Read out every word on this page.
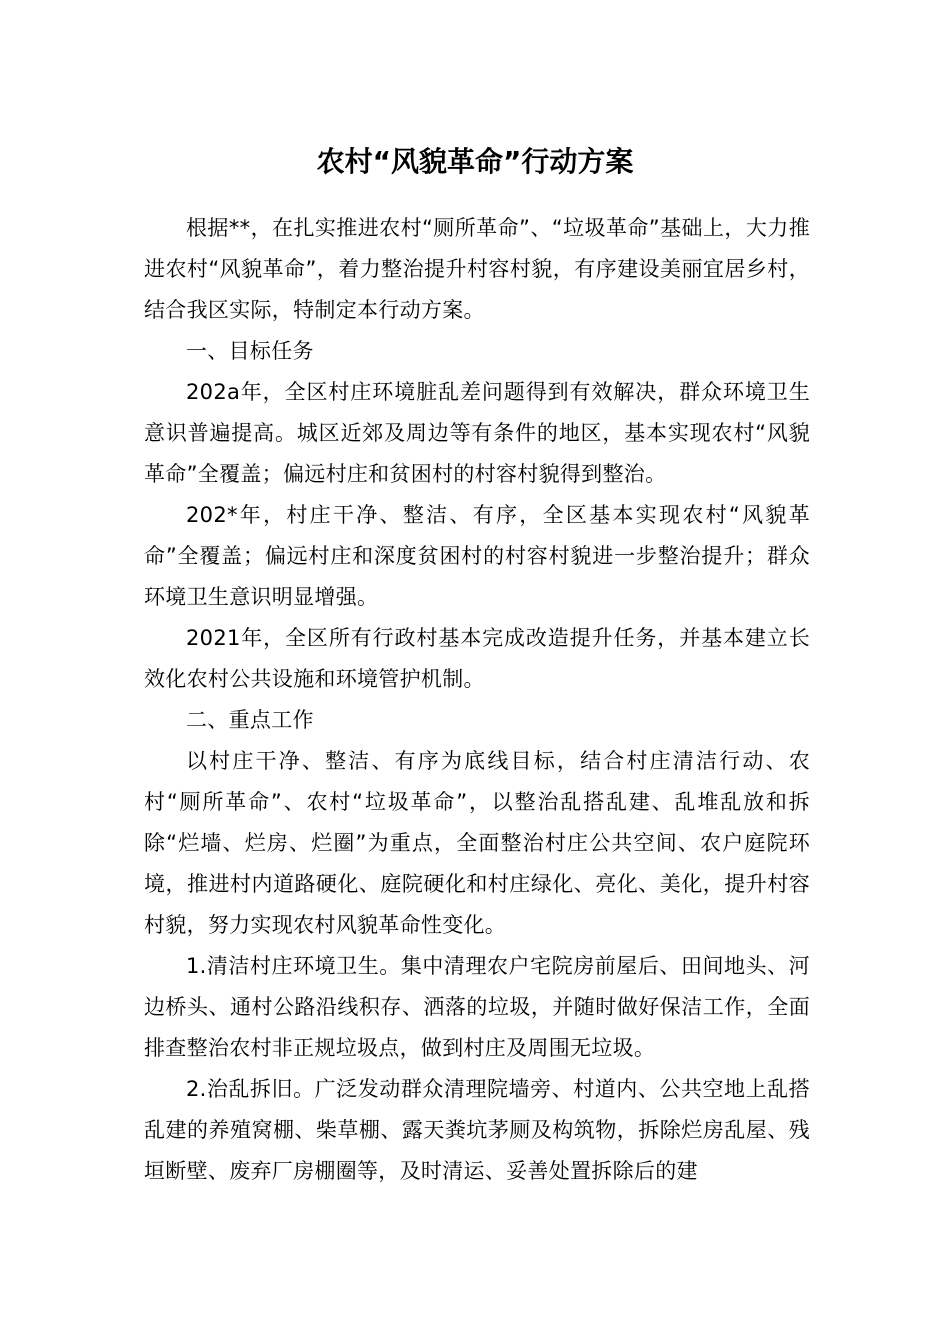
农村“风貌革命”行动方案

根据**，在扎实推进农村“厕所革命”、“垃圾革命”基础上，大力推进农村“风貌革命”，着力整治提升村容村貌，有序建设美丽宜居乡村，结合我区实际，特制定本行动方案。

一、目标任务

202a年，全区村庄环境脏乱差问题得到有效解决，群众环境卫生意识普遍提高。城区近郊及周边等有条件的地区，基本实现农村“风貌革命”全覆盖；偏远村庄和贫困村的村容村貌得到整治。

202*年，村庄干净、整洁、有序，全区基本实现农村“风貌革命”全覆盖；偏远村庄和深度贫困村的村容村貌进一步整治提升；群众环境卫生意识明显增强。

2021年，全区所有行政村基本完成改造提升任务，并基本建立长效化农村公共设施和环境管护机制。

二、重点工作

以村庄干净、整洁、有序为底线目标，结合村庄清洁行动、农村“厕所革命”、农村“垃圾革命”，以整治乱搭乱建、乱堆乱放和拆除“烂墙、烂房、烂圈”为重点，全面整治村庄公共空间、农户庭院环境，推进村内道路硬化、庭院硬化和村庄绿化、亮化、美化，提升村容村貌，努力实现农村风貌革命性变化。

1.清洁村庄环境卫生。集中清理农户宅院房前屋后、田间地头、河边桥头、通村公路沿线积存、洒落的垃圾，并随时做好保洁工作，全面排查整治农村非正规垃圾点，做到村庄及周围无垃圾。

2.治乱拆旧。广泛发动群众清理院墙旁、村道内、公共空地上乱搭乱建的养殖窝棚、柴草棚、露天粪坑茅厕及构筑物，拆除烂房乱屋、残垣断壁、废弃厂房棚圈等，及时清运、妥善处置拆除后的建
